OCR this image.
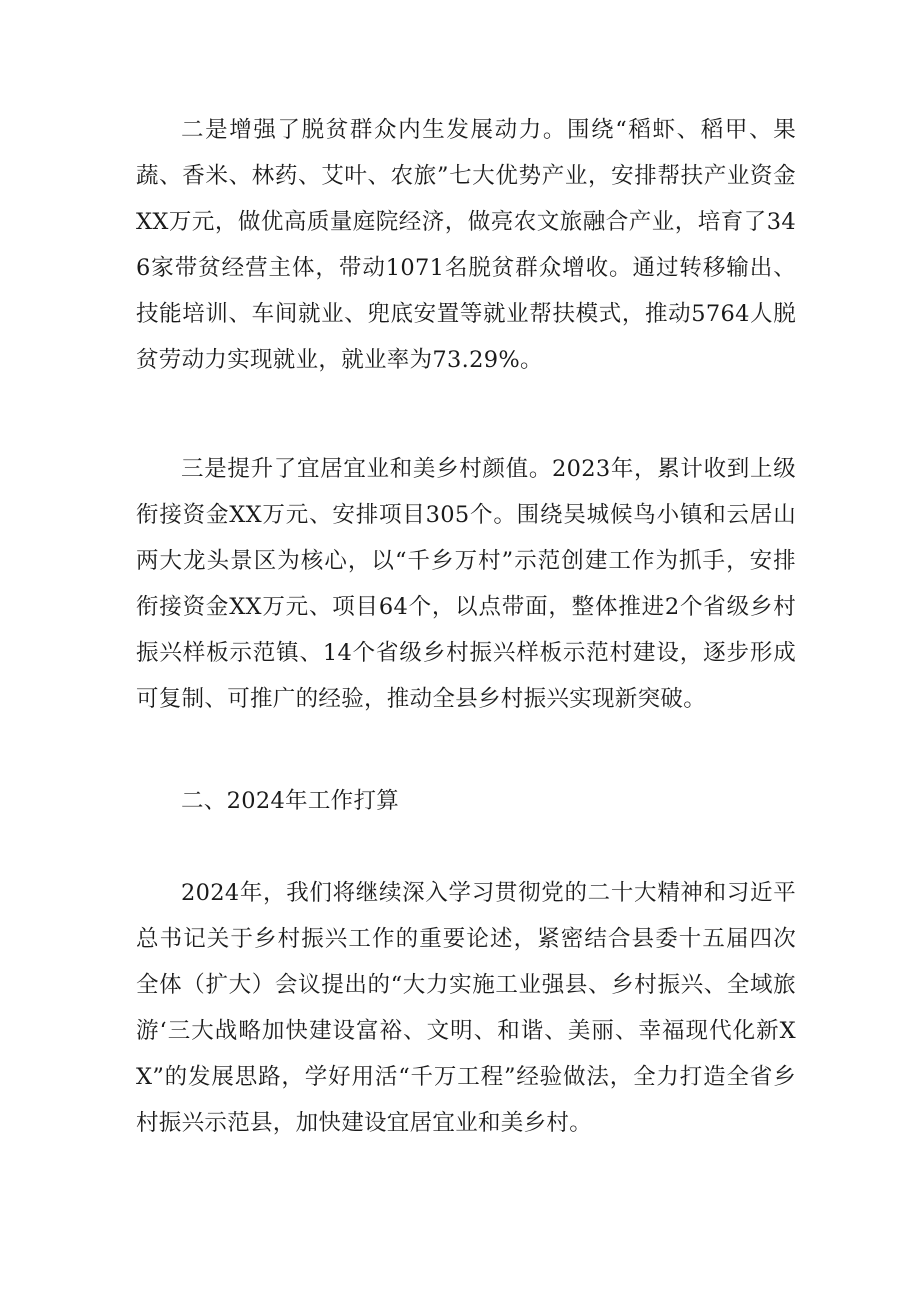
二是增强了脱贫群众内生发展动力。围绕“稻虾、稻甲、果蔬、香米、林药、艾叶、农旅”七大优势产业，安排帮扶产业资金XX万元，做优高质量庭院经济，做亮农文旅融合产业，培育了346家带贫经营主体，带动1071名脱贫群众增收。通过转移输出、技能培训、车间就业、兜底安置等就业帮扶模式，推动5764人脱贫劳动力实现就业，就业率为73.29%。

三是提升了宜居宜业和美乡村颜值。2023年，累计收到上级衔接资金XX万元、安排项目305个。围绕吴城候鸟小镇和云居山两大龙头景区为核心，以“千乡万村”示范创建工作为抓手，安排衔接资金XX万元、项目64个，以点带面，整体推进2个省级乡村振兴样板示范镇、14个省级乡村振兴样板示范村建设，逐步形成可复制、可推广的经验，推动全县乡村振兴实现新突破。

二、2024年工作打算

2024年，我们将继续深入学习贯彻党的二十大精神和习近平总书记关于乡村振兴工作的重要论述，紧密结合县委十五届四次全体（扩大）会议提出的“大力实施工业强县、乡村振兴、全域旅游‘三大战略加快建设富裕、文明、和谐、美丽、幸福现代化新XX”的发展思路，学好用活“千万工程”经验做法，全力打造全省乡村振兴示范县，加快建设宜居宜业和美乡村。
